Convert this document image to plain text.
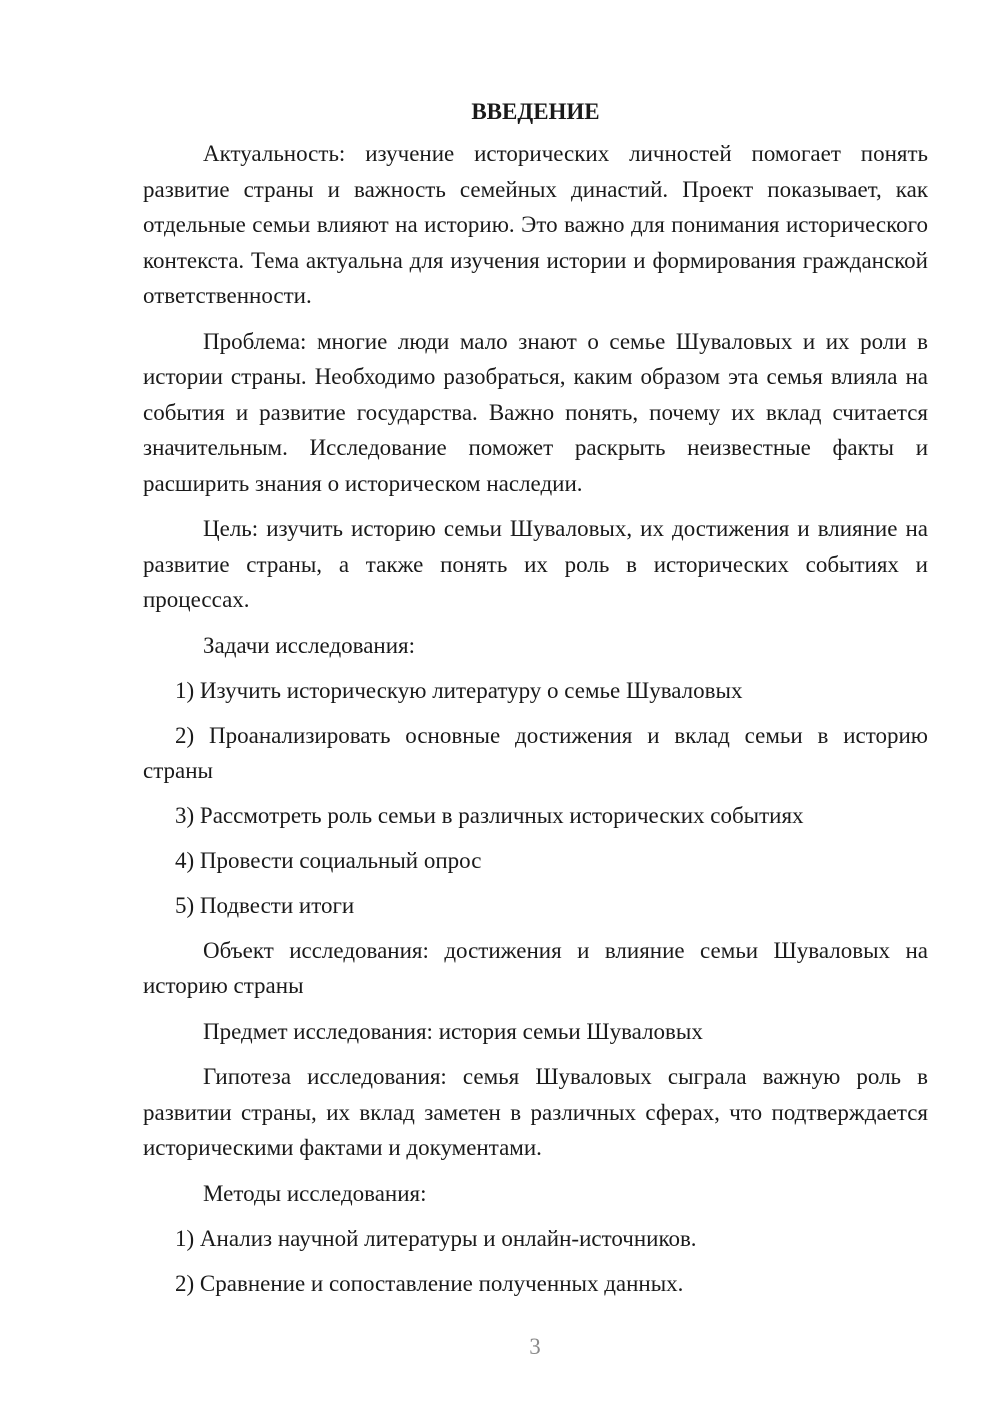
ВВЕДЕНИЕ

Актуальность: изучение исторических личностей помогает понять развитие страны и важность семейных династий. Проект показывает, как отдельные семьи влияют на историю. Это важно для понимания исторического контекста. Тема актуальна для изучения истории и формирования гражданской ответственности.

Проблема: многие люди мало знают о семье Шуваловых и их роли в истории страны. Необходимо разобраться, каким образом эта семья влияла на события и развитие государства. Важно понять, почему их вклад считается значительным. Исследование поможет раскрыть неизвестные факты и расширить знания о историческом наследии.

Цель: изучить историю семьи Шуваловых, их достижения и влияние на развитие страны, а также понять их роль в исторических событиях и процессах.

Задачи исследования:
1) Изучить историческую литературу о семье Шуваловых
2) Проанализировать основные достижения и вклад семьи в историю страны
3) Рассмотреть роль семьи в различных исторических событиях
4) Провести социальный опрос
5) Подвести итоги

Объект исследования: достижения и влияние семьи Шуваловых на историю страны

Предмет исследования: история семьи Шуваловых

Гипотеза исследования: семья Шуваловых сыграла важную роль в развитии страны, их вклад заметен в различных сферах, что подтверждается историческими фактами и документами.

Методы исследования:
1) Анализ научной литературы и онлайн-источников.
2) Сравнение и сопоставление полученных данных.
3
